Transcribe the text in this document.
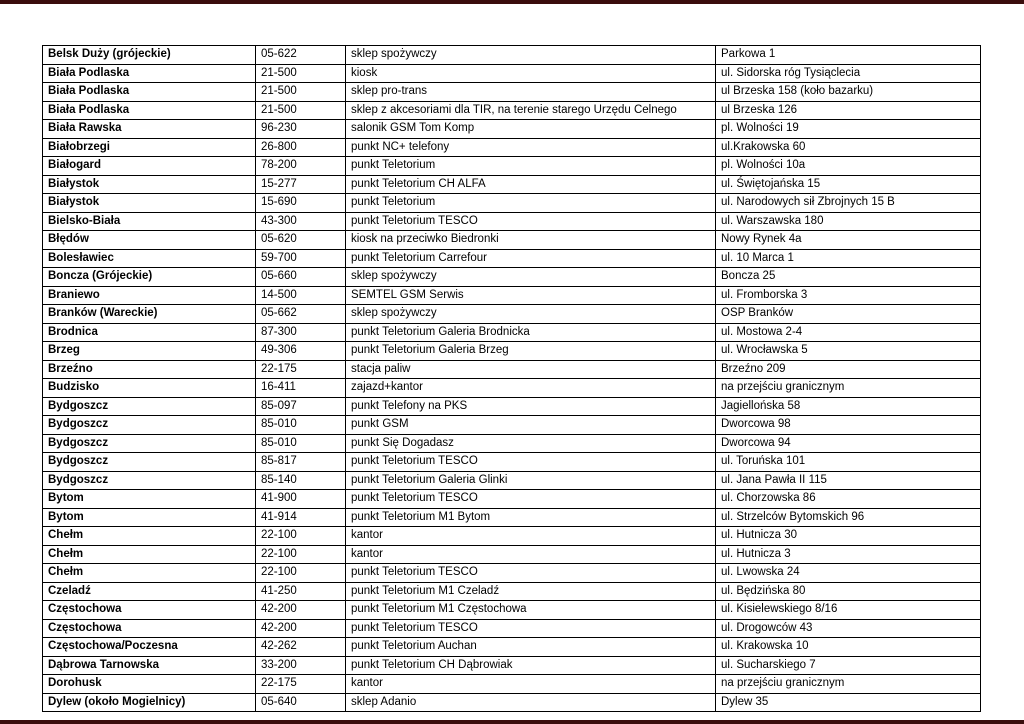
Belsk Duży (grójeckie)	05-622	sklep spożywczy	Parkowa 1
Biała Podlaska	21-500	kiosk	ul. Sidorska róg Tysiąclecia
Biała Podlaska	21-500	sklep pro-trans	ul Brzeska 158 (koło bazarku)
Biała Podlaska	21-500	sklep z akcesoriami dla TIR, na terenie starego Urzędu Celnego	ul Brzeska 126
Biała Rawska	96-230	salonik GSM Tom Komp	pl. Wolności 19
Białobrzegi	26-800	punkt NC+ telefony	ul.Krakowska 60
Białogard	78-200	punkt Teletorium	pl. Wolności 10a
Białystok	15-277	punkt Teletorium CH ALFA	ul. Świętojańska 15
Białystok	15-690	punkt Teletorium	ul. Narodowych sił Zbrojnych 15 B
Bielsko-Biała	43-300	punkt Teletorium TESCO	ul. Warszawska 180
Błędów	05-620	kiosk na przeciwko Biedronki	Nowy Rynek 4a
Bolesławiec	59-700	punkt Teletorium Carrefour	ul. 10 Marca 1
Boncza (Grójeckie)	05-660	sklep spożywczy	Boncza 25
Braniewo	14-500	SEMTEL GSM Serwis	ul. Fromborska 3
Branków (Wareckie)	05-662	sklep spożywczy	OSP Branków
Brodnica	87-300	punkt Teletorium Galeria Brodnicka	ul. Mostowa 2-4
Brzeg	49-306	punkt Teletorium Galeria Brzeg	ul. Wrocławska 5
Brzeźno	22-175	stacja paliw	Brzeźno 209
Budzisko	16-411	zajazd+kantor	na przejściu granicznym
Bydgoszcz	85-097	punkt Telefony na PKS	Jagiellońska 58
Bydgoszcz	85-010	punkt GSM	Dworcowa 98
Bydgoszcz	85-010	punkt Się Dogadasz	Dworcowa 94
Bydgoszcz	85-817	punkt Teletorium TESCO	ul. Toruńska 101
Bydgoszcz	85-140	punkt Teletorium Galeria Glinki	ul. Jana Pawła II 115
Bytom	41-900	punkt Teletorium TESCO	ul. Chorzowska 86
Bytom	41-914	punkt Teletorium M1 Bytom	ul. Strzelców Bytomskich 96
Chełm	22-100	kantor	ul. Hutnicza 30
Chełm	22-100	kantor	ul. Hutnicza 3
Chełm	22-100	punkt Teletorium TESCO	ul. Lwowska 24
Czeladź	41-250	punkt Teletorium M1 Czeladź	ul. Będzińska 80
Częstochowa	42-200	punkt Teletorium M1 Częstochowa	ul. Kisielewskiego 8/16
Częstochowa	42-200	punkt Teletorium TESCO	ul. Drogowców 43
Częstochowa/Poczesna	42-262	punkt Teletorium Auchan	ul. Krakowska 10
Dąbrowa Tarnowska	33-200	punkt Teletorium CH Dąbrowiak	ul. Sucharskiego 7
Dorohusk	22-175	kantor	na przejściu granicznym
Dylew (około Mogielnicy)	05-640	sklep Adanio	Dylew 35
